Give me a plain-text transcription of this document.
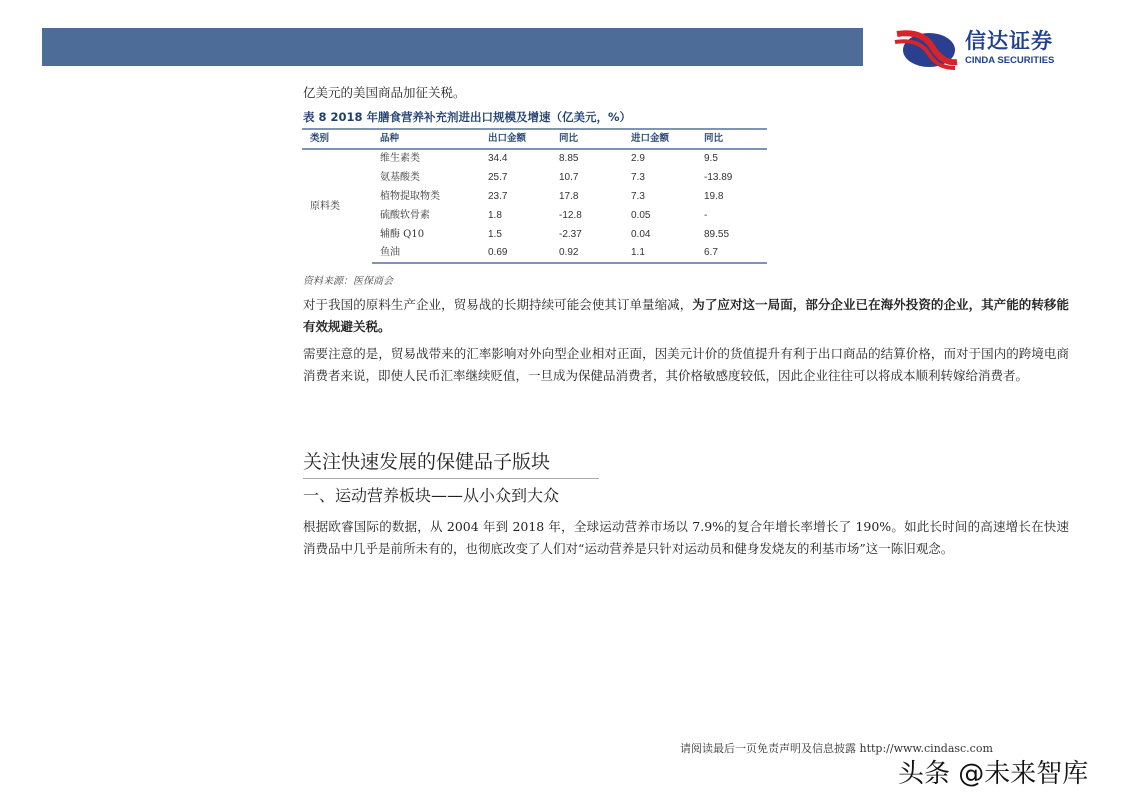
信达证券
CINDA SECURITIES
亿美元的美国商品加征关税。
表 8 2018 年膳食营养补充剂进出口规模及增速（亿美元，%）
类别	品种	出口金额	同比	进口金额	同比
原料类	维生素类	34.4	8.85	2.9	9.5
	氨基酸类	25.7	10.7	7.3	-13.89
	植物提取物类	23.7	17.8	7.3	19.8
	硫酸软骨素	1.8	-12.8	0.05	-
	辅酶 Q10	1.5	-2.37	0.04	89.55
	鱼油	0.69	0.92	1.1	6.7
资料来源：医保商会
对于我国的原料生产企业，贸易战的长期持续可能会使其订单量缩减，为了应对这一局面，部分企业已在海外投资的企业，其产能的转移能有效规避关税。
需要注意的是，贸易战带来的汇率影响对外向型企业相对正面，因美元计价的货值提升有利于出口商品的结算价格，而对于国内的跨境电商消费者来说，即使人民币汇率继续贬值，一旦成为保健品消费者，其价格敏感度较低，因此企业往往可以将成本顺利转嫁给消费者。
关注快速发展的保健品子版块
一、运动营养板块——从小众到大众
根据欧睿国际的数据，从 2004 年到 2018 年，全球运动营养市场以 7.9%的复合年增长率增长了 190%。如此长时间的高速增长在快速消费品中几乎是前所未有的，也彻底改变了人们对“运动营养是只针对运动员和健身发烧友的利基市场”这一陈旧观念。
请阅读最后一页免责声明及信息披露 http://www.cindasc.com
头条 @未来智库
